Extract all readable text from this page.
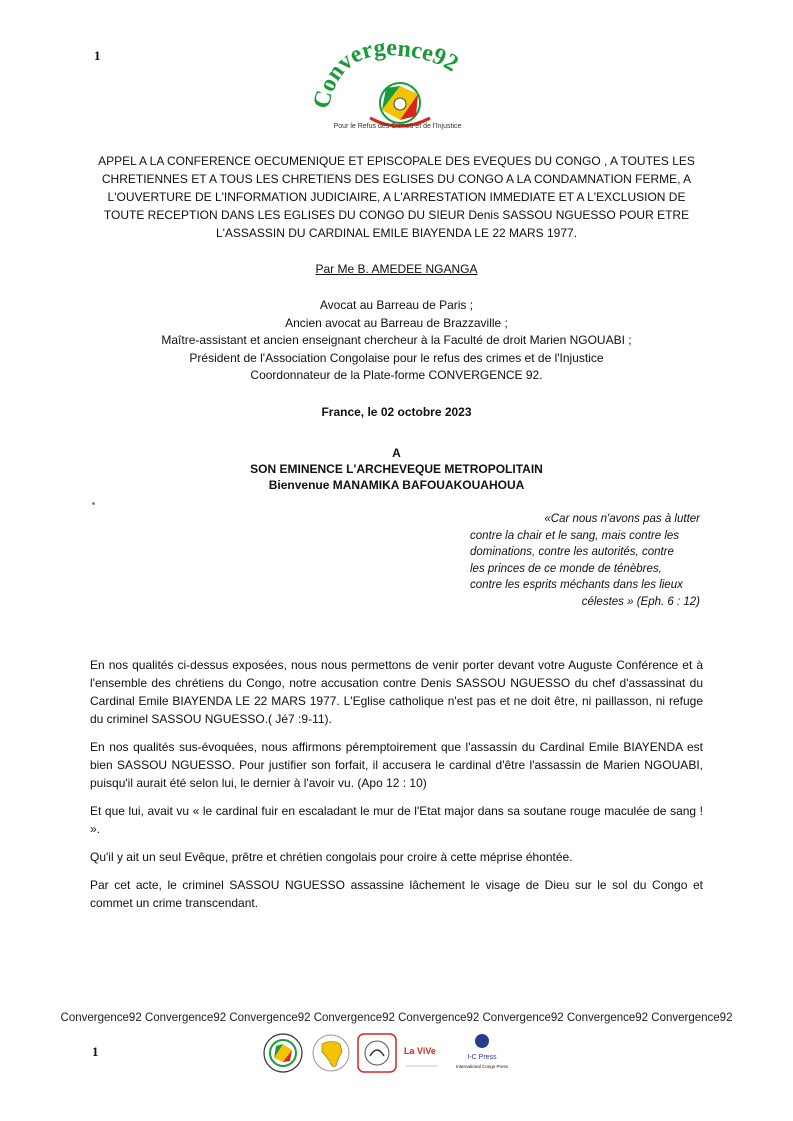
1
Convergence92
Pour le Refus des Crimes et de l'Injustice
APPEL A LA CONFERENCE OECUMENIQUE ET EPISCOPALE DES EVEQUES DU CONGO , A TOUTES LES
CHRETIENNES ET A TOUS LES CHRETIENS DES EGLISES DU CONGO A LA CONDAMNATION FERME, A
L'OUVERTURE DE L'INFORMATION JUDICIAIRE, A L'ARRESTATION IMMEDIATE ET A L'EXCLUSION DE
TOUTE RECEPTION DANS LES EGLISES DU CONGO DU SIEUR Denis SASSOU NGUESSO POUR ETRE
L'ASSASSIN DU CARDINAL EMILE BIAYENDA LE 22 MARS 1977.
Par Me B. AMEDEE NGANGA
Avocat au Barreau de Paris ;
Ancien avocat au Barreau de Brazzaville ;
Maître-assistant et ancien enseignant chercheur à la Faculté de droit Marien NGOUABI ;
Président de l'Association Congolaise pour le refus des crimes et de l'Injustice
Coordonnateur de la Plate-forme CONVERGENCE 92.
France, le 02 octobre 2023
A
SON EMINENCE L'ARCHEVEQUE METROPOLITAIN
Bienvenue MANAMIKA BAFOUAKOUAHOUA

«Car nous n'avons pas à lutter

contre la chair et le sang, mais contre les

dominations, contre les autorités, contre

les princes de ce monde de ténèbres,

contre les esprits méchants dans les lieux

célestes » (Eph. 6 : 12)

En nos qualités ci-dessus exposées, nous nous permettons de venir porter devant votre Auguste Conférence et à l'ensemble des chrétiens du Congo, notre accusation contre Denis SASSOU NGUESSO du chef d'assassinat du Cardinal Emile BIAYENDA LE 22 MARS 1977. L'Eglise catholique n'est pas et ne doit être, ni paillasson, ni refuge du criminel SASSOU NGUESSO.( Jé7 :9-11).

En nos qualités sus-évoquées, nous affirmons péremptoirement que l'assassin du Cardinal Emile BIAYENDA est bien SASSOU NGUESSO. Pour justifier son forfait, il accusera le cardinal d'être l'assassin de Marien NGOUABI, puisqu'il aurait été selon lui, le dernier à l'avoir vu. (Apo 12 : 10)

Et que lui, avait vu « le cardinal fuir en escaladant le mur de l'Etat major dans sa soutane rouge maculée de sang ! ».

Qu'il y ait un seul Evêque, prêtre et chrétien congolais pour croire à cette méprise éhontée.

Par cet acte, le criminel SASSOU NGUESSO assassine lâchement le visage de Dieu sur le sol du Congo et commet un crime transcendant.

Convergence92 Convergence92 Convergence92 Convergence92 Convergence92 Convergence92 Convergence92 Convergence92
1	La ViVe
I-C Press
International Congo Press
